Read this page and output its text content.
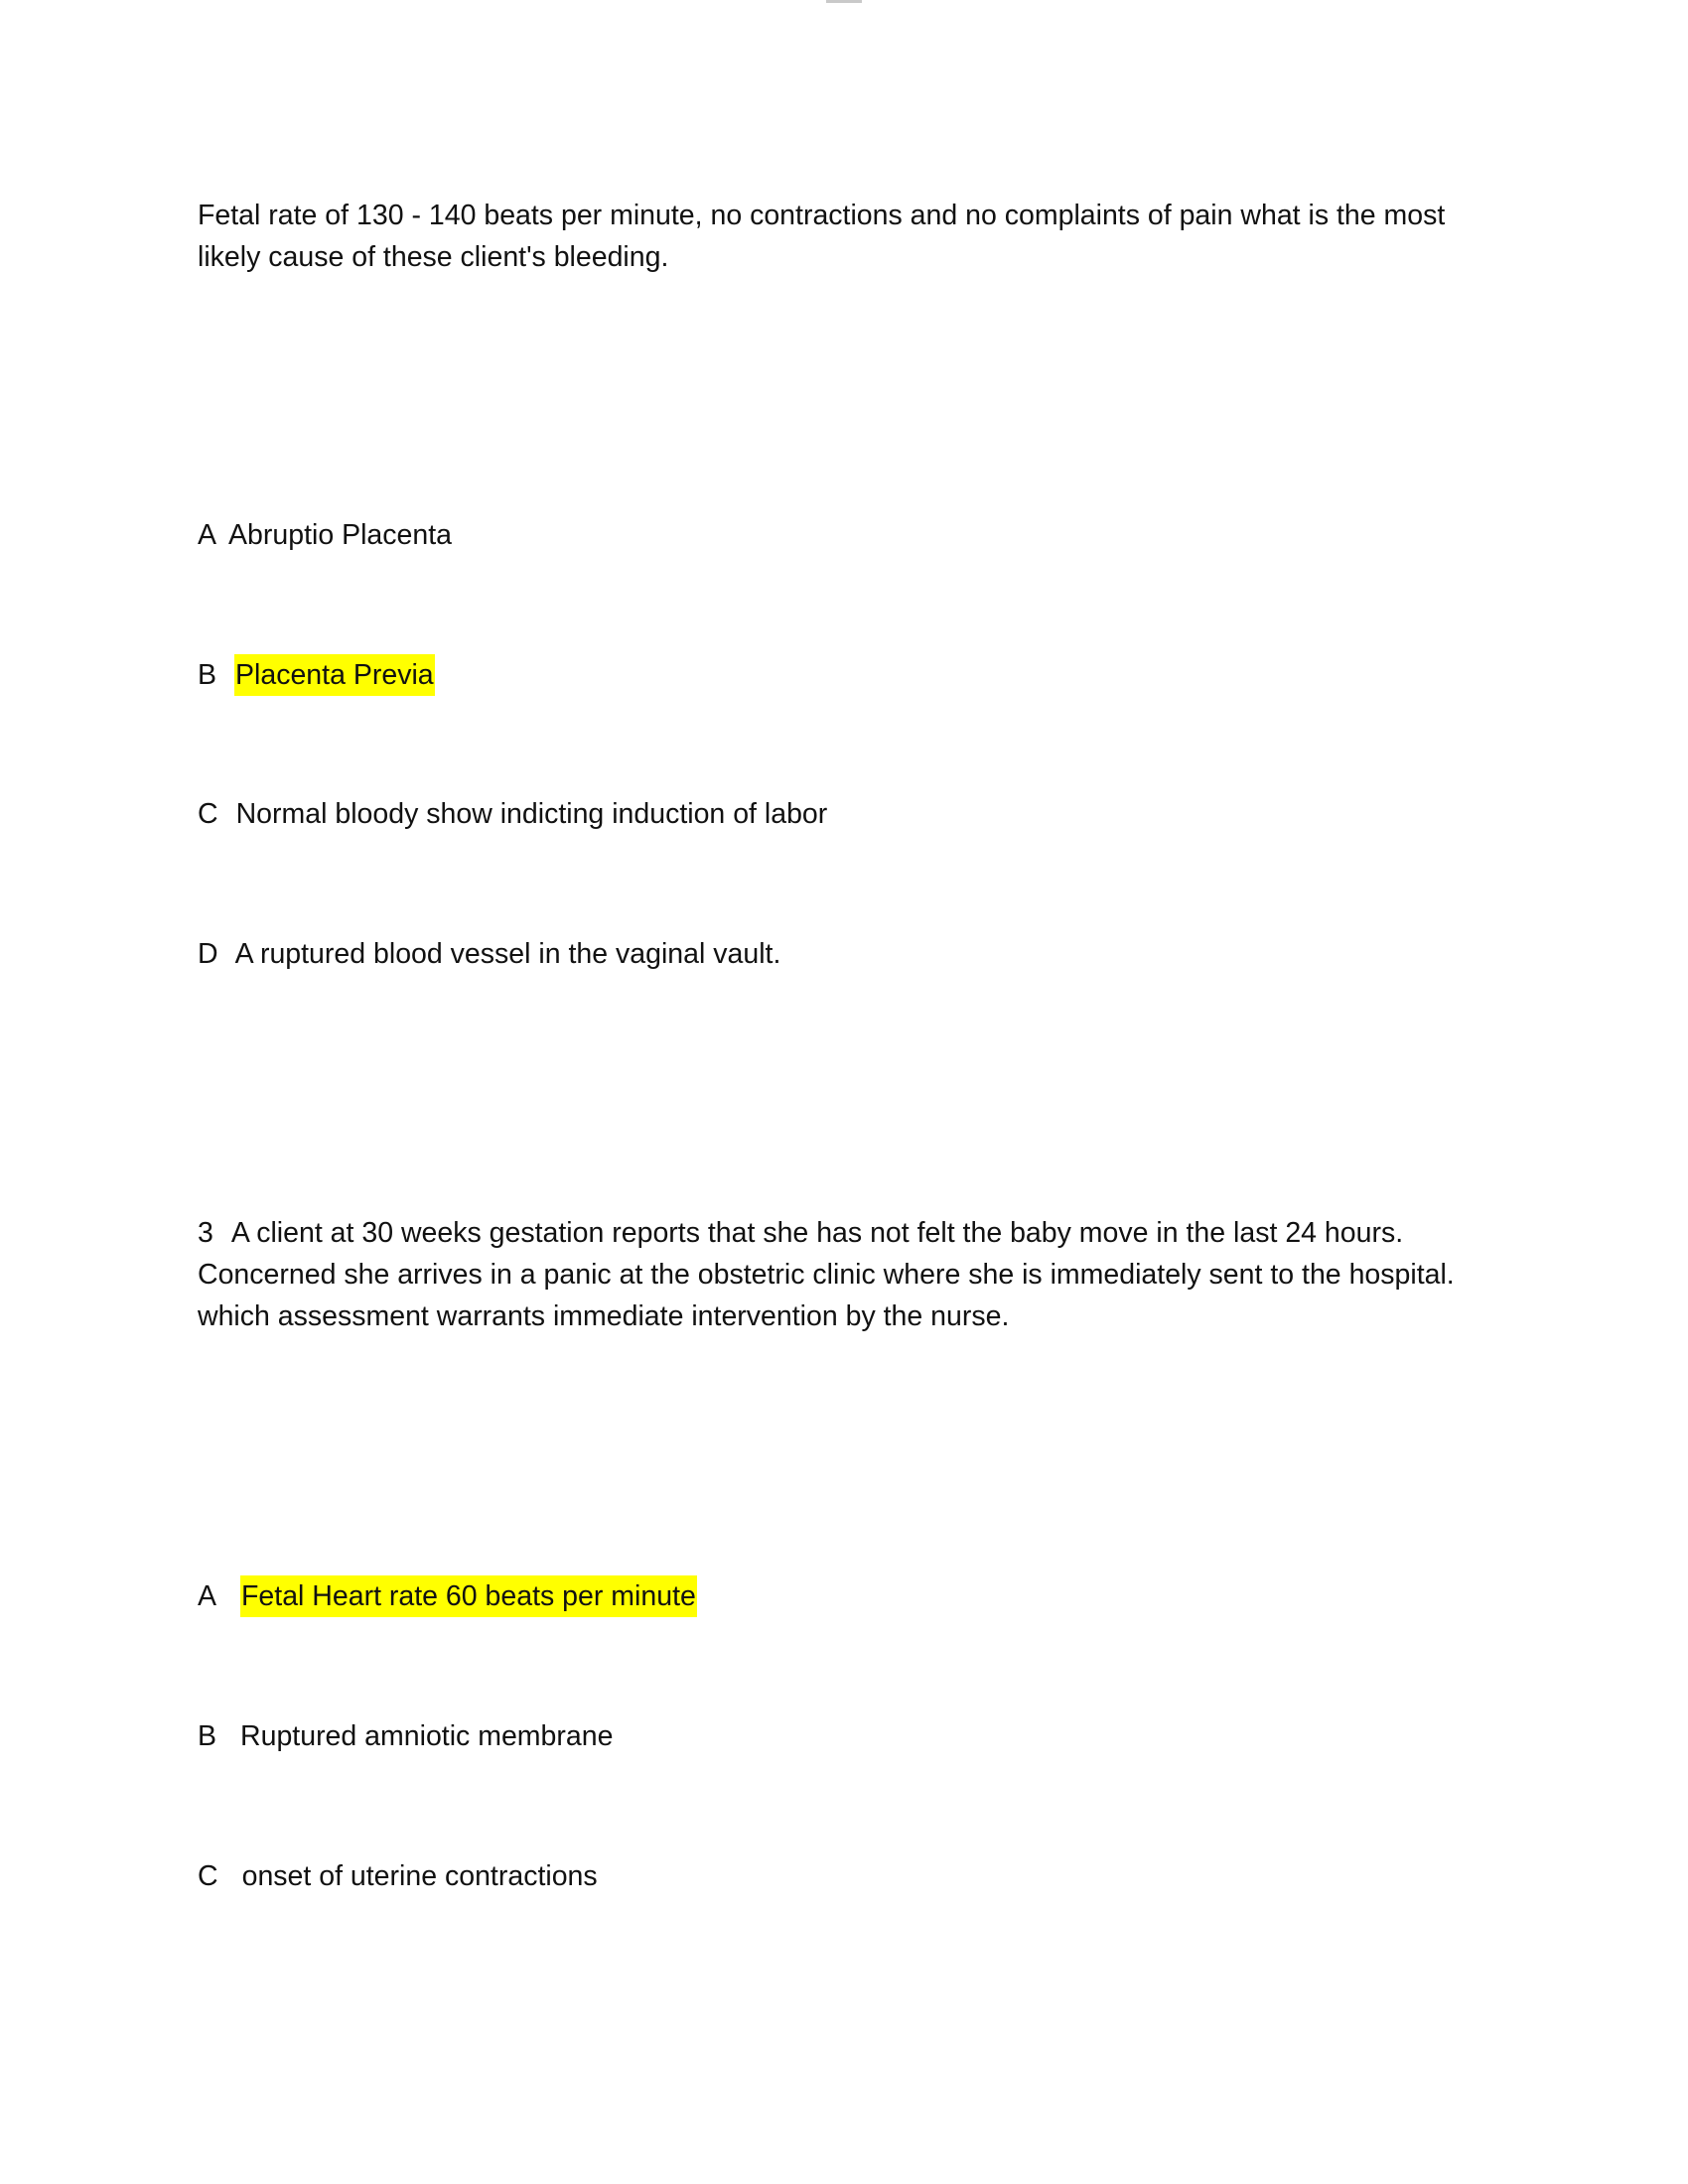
Fetal rate of 130 - 140 beats per minute, no contractions and no complaints of pain what is the most
likely cause of these client's bleeding.
A Abruptio Placenta
B Placenta Previa
C Normal bloody show indicting induction of labor
D A ruptured blood vessel in the vaginal vault.
3 A client at 30 weeks gestation reports that she has not felt the baby move in the last 24 hours.
Concerned she arrives in a panic at the obstetric clinic where she is immediately sent to the hospital.
which assessment warrants immediate intervention by the nurse.
A Fetal Heart rate 60 beats per minute
B Ruptured amniotic membrane
C onset of uterine contractions
